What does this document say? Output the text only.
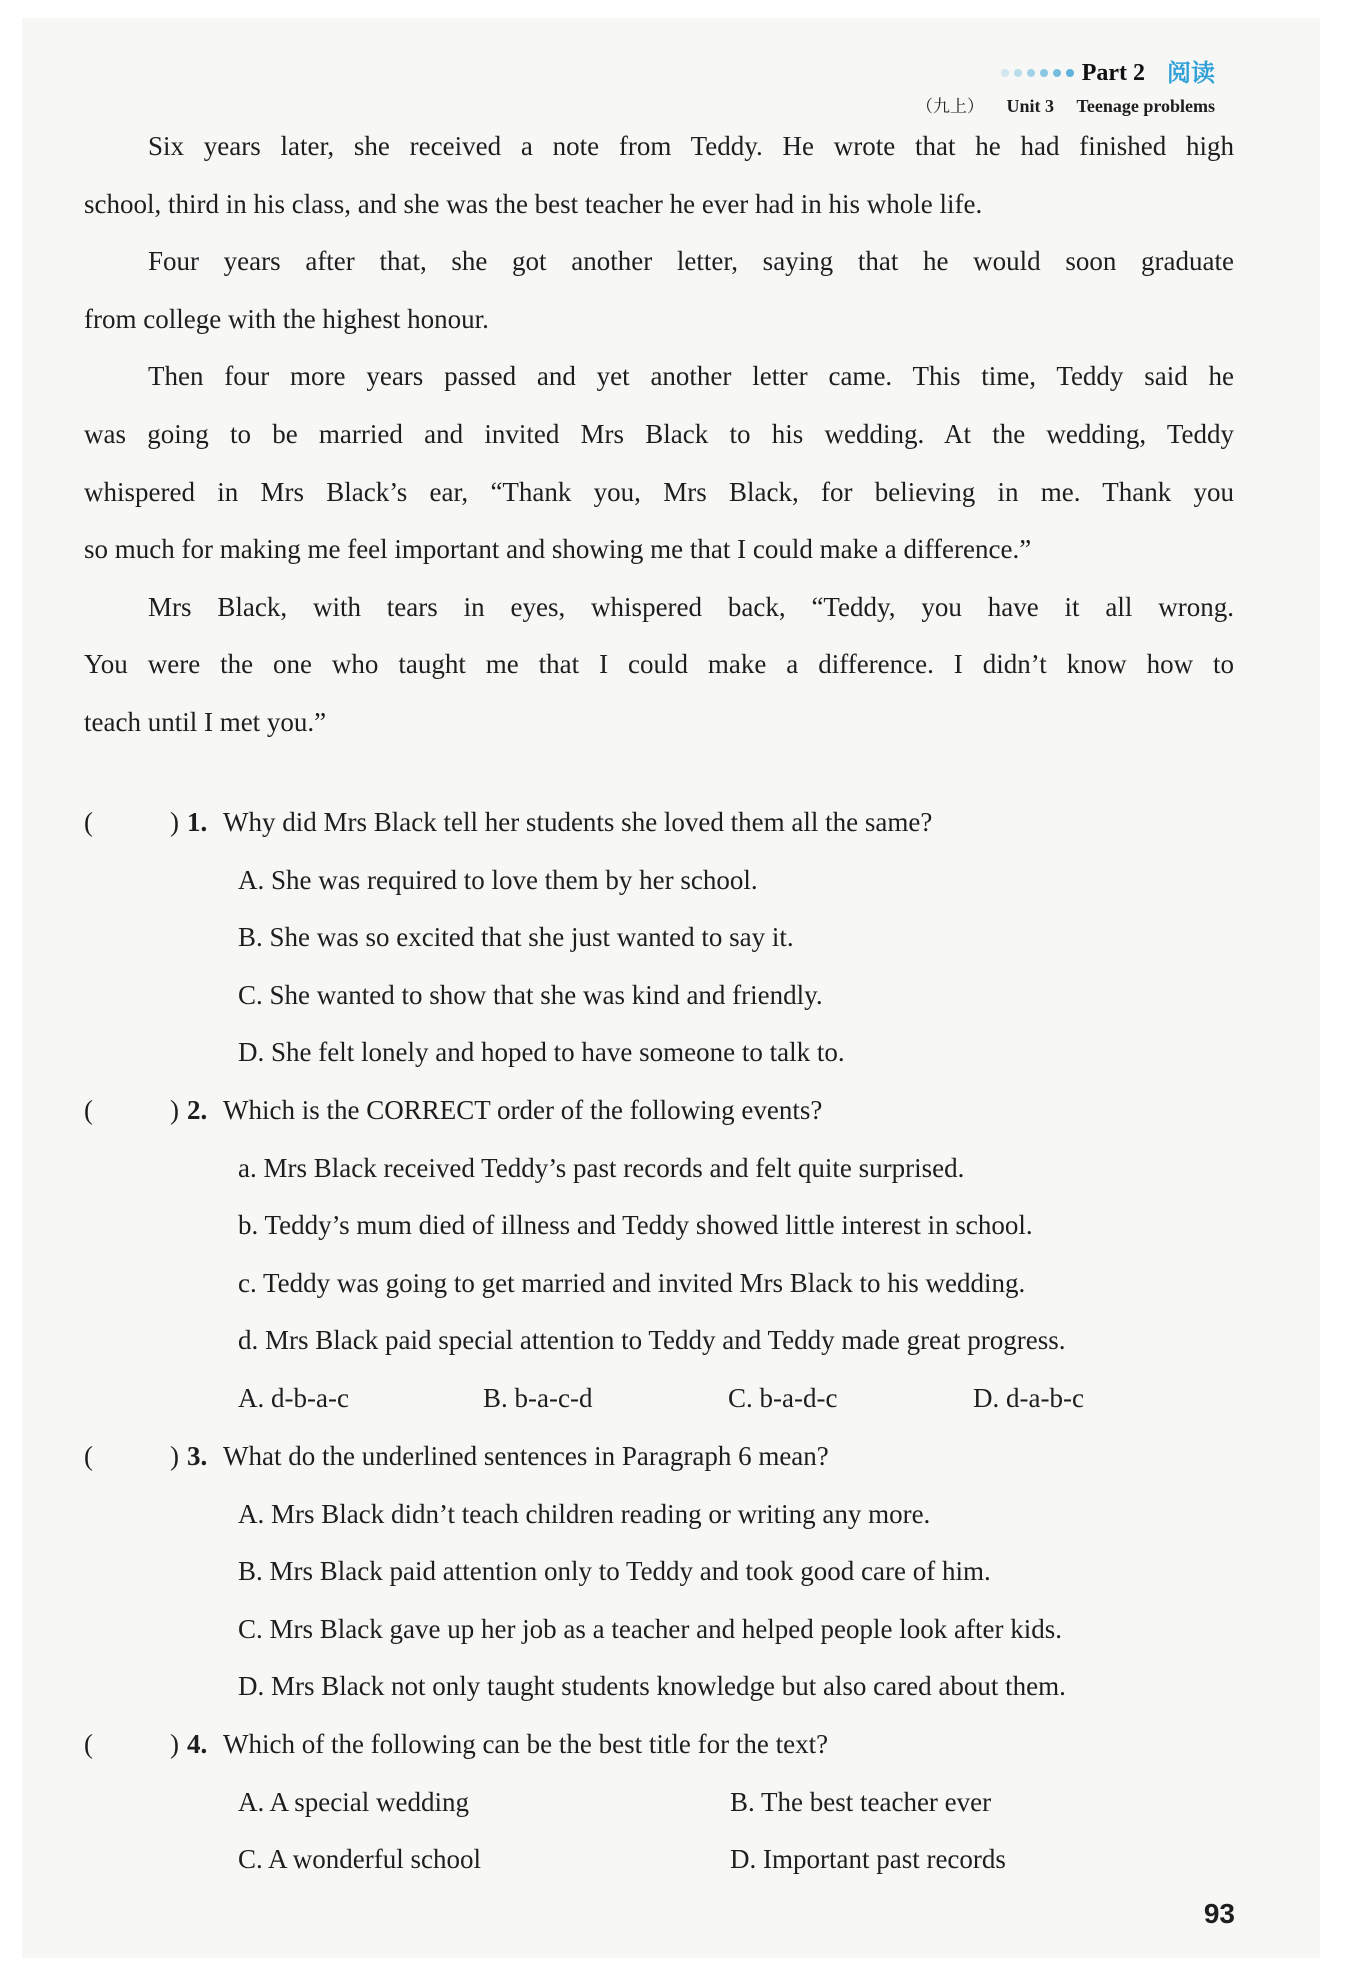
Part 2 阅读
（九上） Unit 3 Teenage problems

Six years later, she received a note from Teddy. He wrote that he had finished high
school, third in his class, and she was the best teacher he ever had in his whole life.

Four years after that, she got another letter, saying that he would soon graduate
from college with the highest honour.

Then four more years passed and yet another letter came. This time, Teddy said he
was going to be married and invited Mrs Black to his wedding. At the wedding, Teddy
whispered in Mrs Black’s ear, “Thank you, Mrs Black, for believing in me. Thank you
so much for making me feel important and showing me that I could make a difference.”

Mrs Black, with tears in eyes, whispered back, “Teddy, you have it all wrong.
You were the one who taught me that I could make a difference. I didn’t know how to
teach until I met you.”

(	) 1. Why did Mrs Black tell her students she loved them all the same?
A. She was required to love them by her school.
B. She was so excited that she just wanted to say it.
C. She wanted to show that she was kind and friendly.
D. She felt lonely and hoped to have someone to talk to.
(	) 2. Which is the CORRECT order of the following events?
a. Mrs Black received Teddy’s past records and felt quite surprised.
b. Teddy’s mum died of illness and Teddy showed little interest in school.
c. Teddy was going to get married and invited Mrs Black to his wedding.
d. Mrs Black paid special attention to Teddy and Teddy made great progress.
A. d-b-a-c	B. b-a-c-d	C. b-a-d-c	D. d-a-b-c
(	) 3. What do the underlined sentences in Paragraph 6 mean?
A. Mrs Black didn’t teach children reading or writing any more.
B. Mrs Black paid attention only to Teddy and took good care of him.
C. Mrs Black gave up her job as a teacher and helped people look after kids.
D. Mrs Black not only taught students knowledge but also cared about them.
(	) 4. Which of the following can be the best title for the text?
A. A special wedding	B. The best teacher ever
C. A wonderful school	D. Important past records
93
